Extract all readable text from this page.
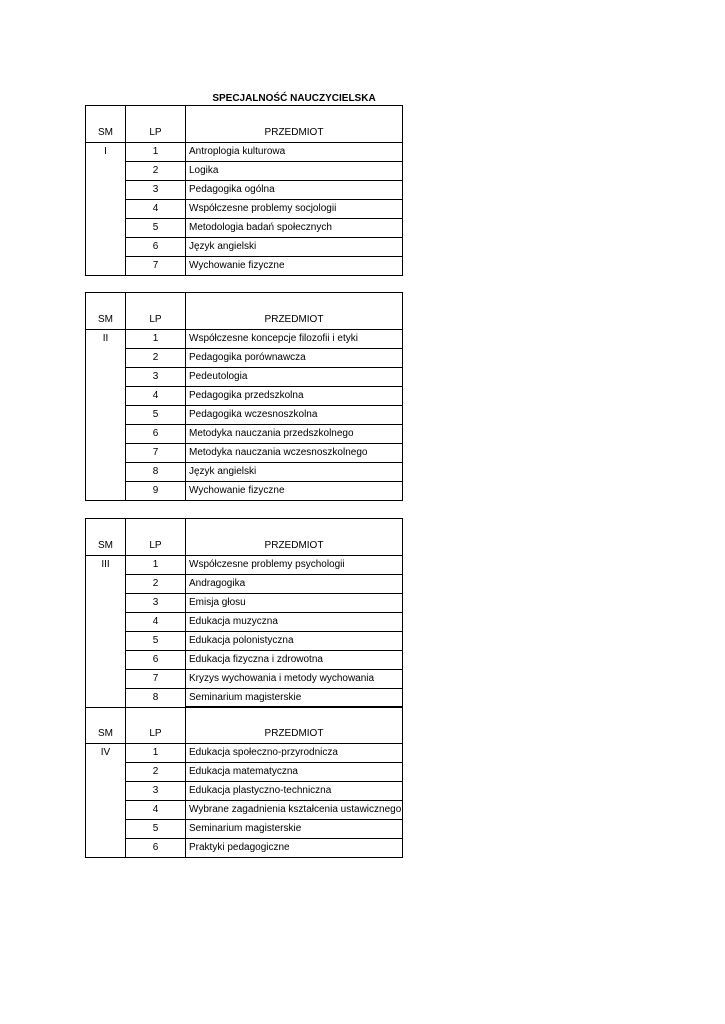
SPECJALNOŚĆ NAUCZYCIELSKA

SM	LP	PRZEDMIOT
I	1	Antroplogia kulturowa
	2	Logika
	3	Pedagogika ogólna
	4	Współczesne problemy socjologii
	5	Metodologia badań społecznych
	6	Język angielski
	7	Wychowanie fizyczne

SM	LP	PRZEDMIOT
II	1	Współczesne koncepcje filozofii i etyki
	2	Pedagogika porównawcza
	3	Pedeutologia
	4	Pedagogika przedszkolna
	5	Pedagogika wczesnoszkolna
	6	Metodyka nauczania przedszkolnego
	7	Metodyka nauczania wczesnoszkolnego
	8	Język angielski
	9	Wychowanie fizyczne

SM	LP	PRZEDMIOT
III	1	Współczesne problemy psychologii
	2	Andragogika
	3	Emisja głosu
	4	Edukacja muzyczna
	5	Edukacja polonistyczna
	6	Edukacja fizyczna i zdrowotna
	7	Kryzys wychowania i metody wychowania
	8	Seminarium magisterskie

SM	LP	PRZEDMIOT
IV	1	Edukacja społeczno-przyrodnicza
	2	Edukacja matematyczna
	3	Edukacja plastyczno-techniczna
	4	Wybrane zagadnienia kształcenia ustawicznego
	5	Seminarium magisterskie
	6	Praktyki pedagogiczne
